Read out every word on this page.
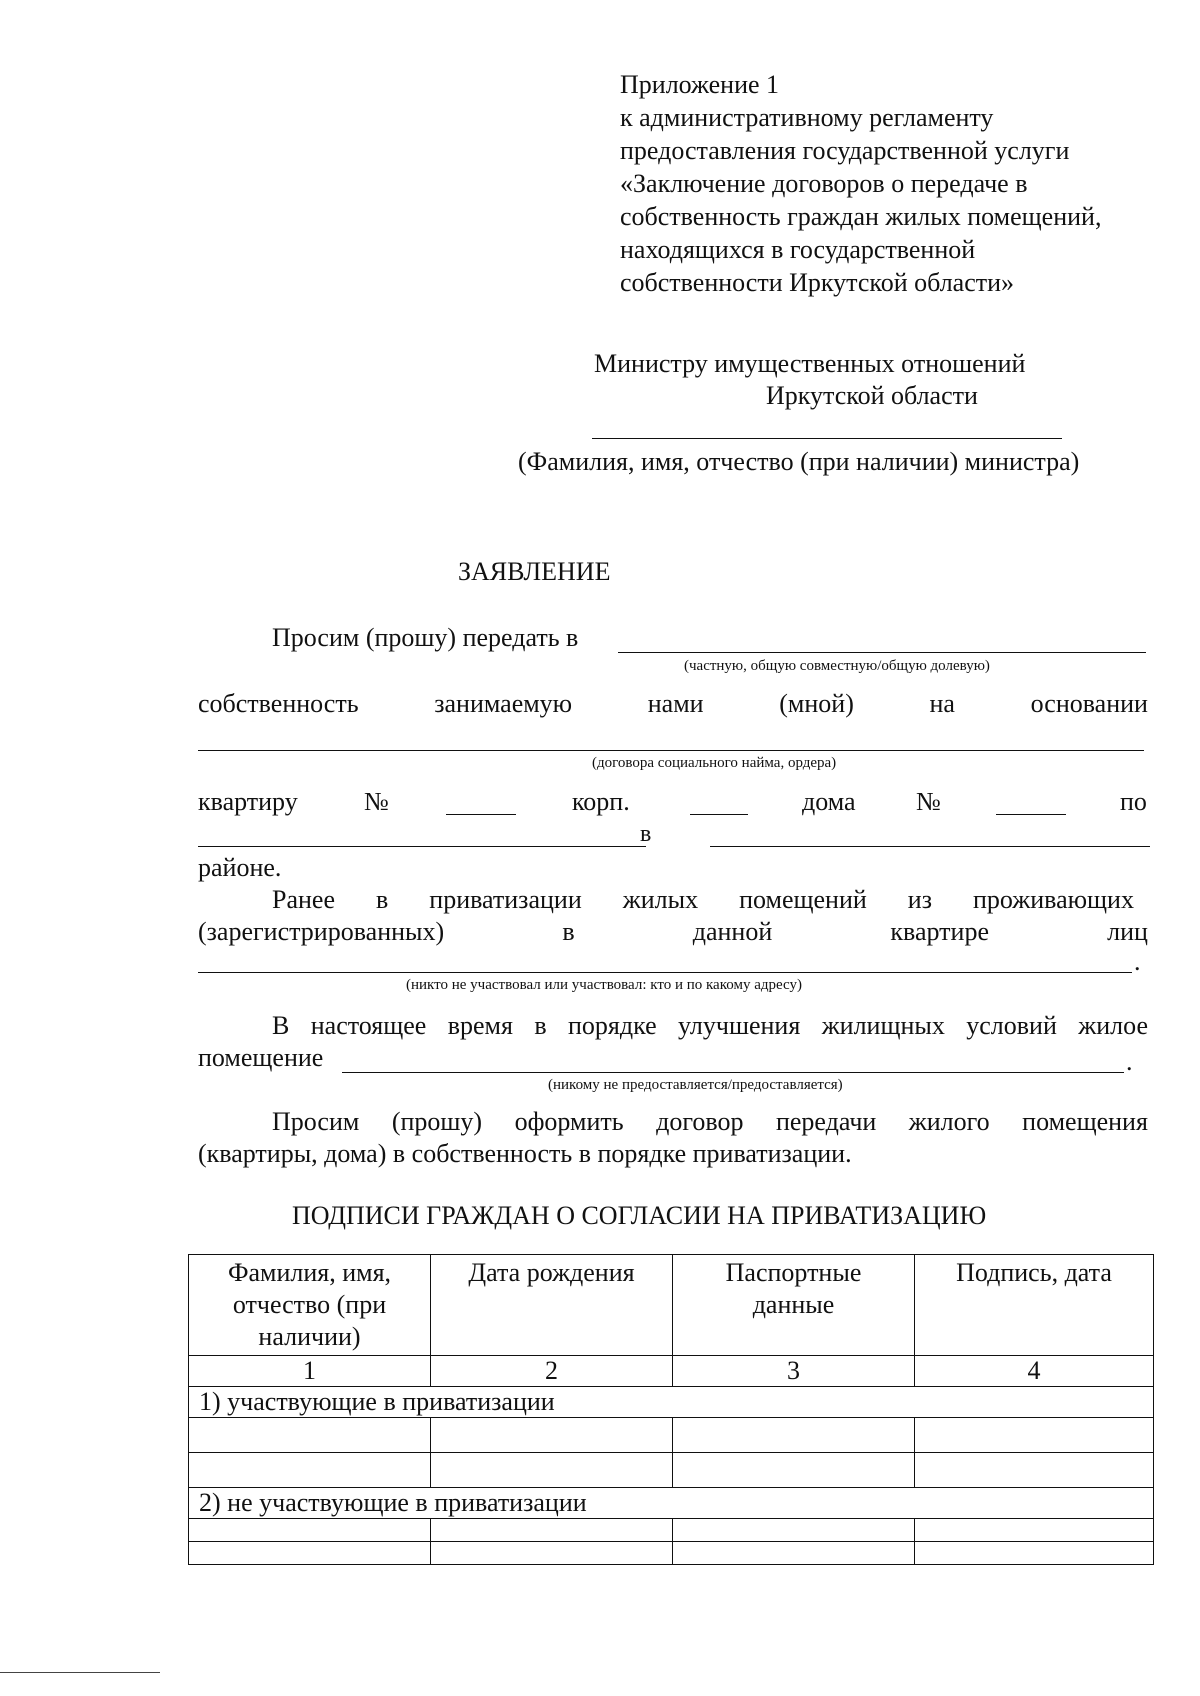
Приложение 1
к административному регламенту
предоставления государственной услуги
«Заключение договоров о передаче в
собственность граждан жилых помещений,
находящихся в государственной
собственности Иркутской области»
Министру имущественных отношений
Иркутской области
(Фамилия, имя, отчество (при наличии) министра)
ЗАЯВЛЕНИЕ
Просим (прошу) передать в
(частную, общую совместную/общую долевую)
собственность	занимаемую	нами	(мной)	на	основании
(договора социального найма, ордера)
квартиру	№	корп.	дома №	по
в
районе.
Ранее в приватизации жилых помещений из проживающих
(зарегистрированных)	в	данной	квартире	лиц
.
(никто не участвовал или участвовал: кто и по какому адресу)
В настоящее время в порядке улучшения жилищных условий жилое
помещение	.
(никому не предоставляется/предоставляется)
Просим (прошу) оформить договор передачи жилого помещения
(квартиры, дома) в собственность в порядке приватизации.
ПОДПИСИ ГРАЖДАН О СОГЛАСИИ НА ПРИВАТИЗАЦИЮ
Фамилия, имя, отчество (при наличии)	Дата рождения	Паспортные данные	Подпись, дата
1	2	3	4
1) участвующие в приватизации			

2) не участвующие в приватизации			
